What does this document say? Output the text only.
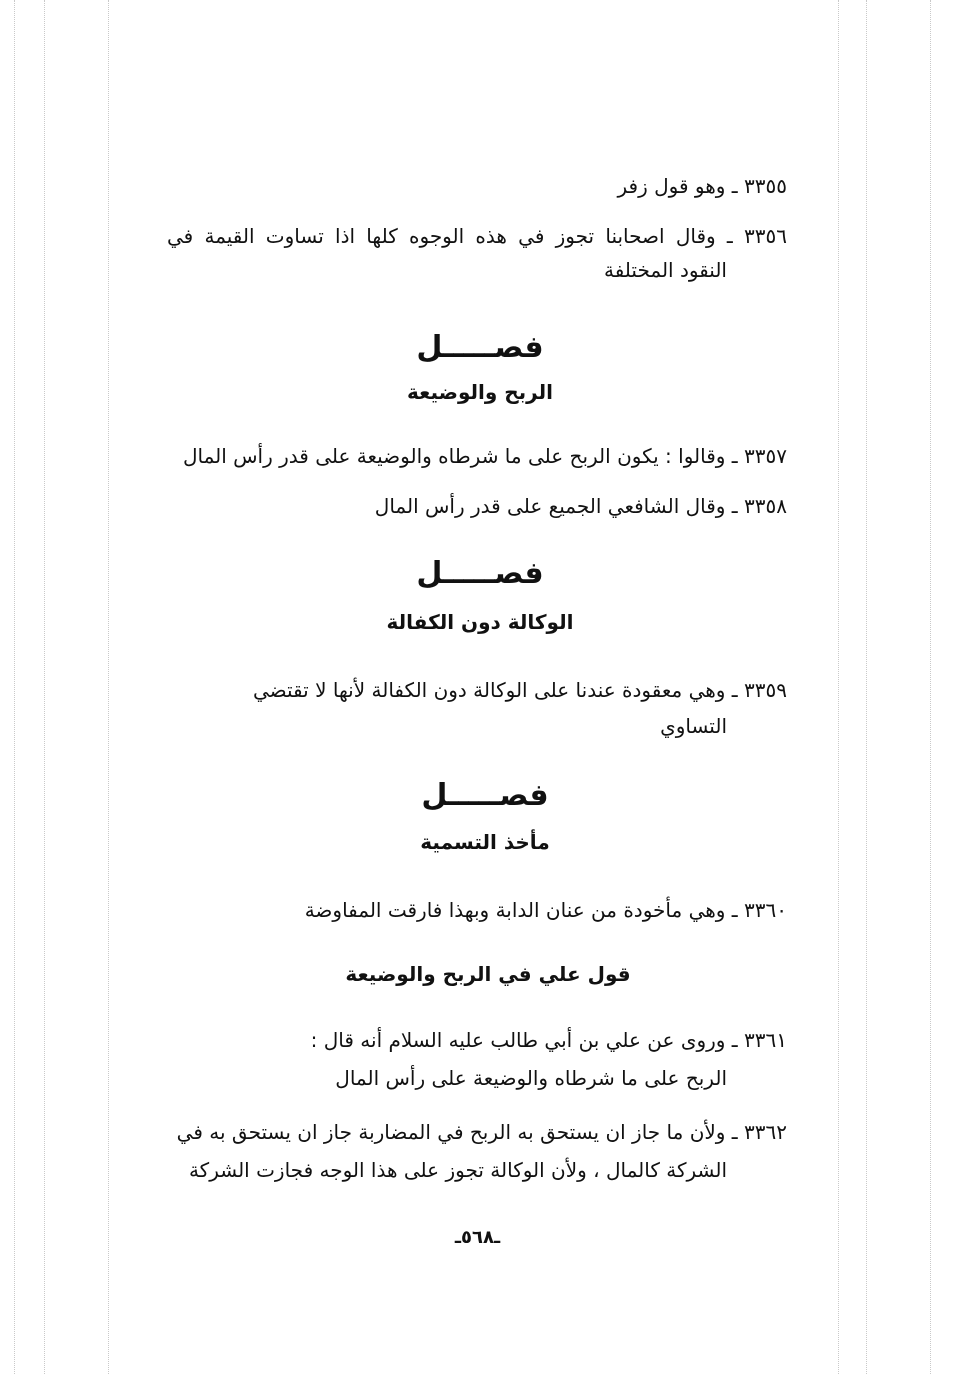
٣٣٥٥ ـ وهو قول زفر
٣٣٥٦ ـ وقال اصحابنا تجوز في هذه الوجوه كلها اذا تساوت القيمة في
النقود المختلفة
فصـــــل
الربح والوضيعة
٣٣٥٧ ـ وقالوا : يكون الربح على ما شرطاه والوضيعة على قدر رأس المال
٣٣٥٨ ـ وقال الشافعي الجميع على قدر رأس المال
فصـــــل
الوكالة دون الكفالة
٣٣٥٩ ـ وهي معقودة عندنا على الوكالة دون الكفالة لأنها لا تقتضي
التساوي
فصـــــل
مأخذ التسمية
٣٣٦٠ ـ وهي مأخودة من عنان الدابة وبهذا فارقت المفاوضة
قول علي في الربح والوضيعة
٣٣٦١ ـ وروى عن علي بن أبي طالب عليه السلام أنه قال :
الربح على ما شرطاه والوضيعة على رأس المال
٣٣٦٢ ـ ولأن ما جاز ان يستحق به الربح في المضاربة جاز ان يستحق به في
الشركة كالمال ، ولأن الوكالة تجوز على هذا الوجه فجازت الشركة
ـ٥٦٨ـ
